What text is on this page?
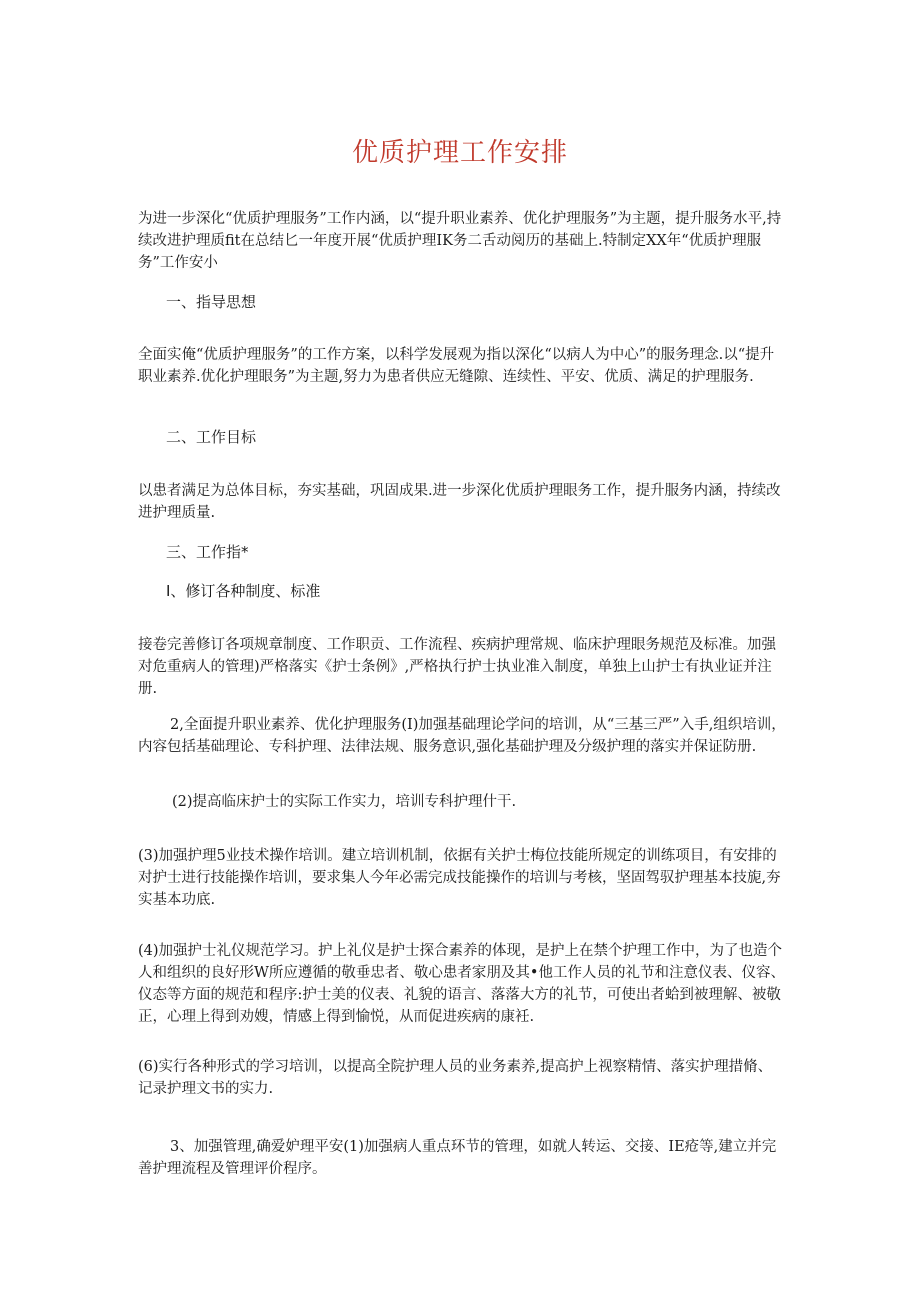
优质护理工作安排

为进一步深化“优质护理服务”工作内涵，以“提升职业素养、优化护理服务”为主题，提升服务水平,持续改进护理质fit在总结匕一年度开展“优质护理IK务二舌动阅历的基础上.特制定XX年“优质护理服务”工作安小

一、指导思想

全面实俺“优质护理服务”的工作方案，以科学发展观为指以深化“以病人为中心”的服务理念.以“提升职业素养.优化护理眼务”为主题,努力为患者供应无缝隙、连续性、平安、优质、满足的护理服务.

二、工作目标

以患者满足为总体目标，夯实基础，巩固成果.进一步深化优质护理眼务工作，提升服务内涵，持续改进护理质量.

三、工作指*
I、修订各种制度、标准

接卷完善修订各项规章制度、工作职贡、工作流程、疾病护理常规、临床护理眼务规范及标准。加强对危重病人的管理)严格落实《护士条例》,严格执行护士执业准入制度，单独上山护士有执业证并注册.

2,全面提升职业素养、优化护理服务(I)加强基础理论学问的培训，从“三基三严”入手,组织培训，内容包括基础理论、专科护理、法律法规、服务意识,强化基础护理及分级护理的落实并保证防册.

(2)提高临床护士的实际工作实力，培训专科护理什干.

(3)加强护理5业技术操作培训。建立培训机制，依据有关护士梅位技能所规定的训练项目，有安排的对护士进行技能操作培训，要求集人今年必需完成技能操作的培训与考核，坚固驾驭护理基本技旎,夯实基本功底.

(4)加强护士礼仪规范学习。护上礼仪是护士探合素养的体现，是护上在禁个护理工作中，为了也造个人和组织的良好形W所应遵循的敬垂忠者、敬心患者家朋及其•他工作人员的礼节和注意仪表、仪容、仪态等方面的规范和程序:护士美的仪表、礼貌的语言、落落大方的礼节，可使出者蛤到被理解、被敬正，心理上得到劝嫂，情感上得到愉悦，从而促进疾病的康衽.

(6)实行各种形式的学习培训，以提高全院护理人员的业务素养,提高护上视察精情、落实护理措脩、记录护理文书的实力.

3、加强管理,确爱妒理平安(1)加强病人重点环节的管理，如就人转运、交接、IE疮等,建立并完善护理流程及管理评价程序。
